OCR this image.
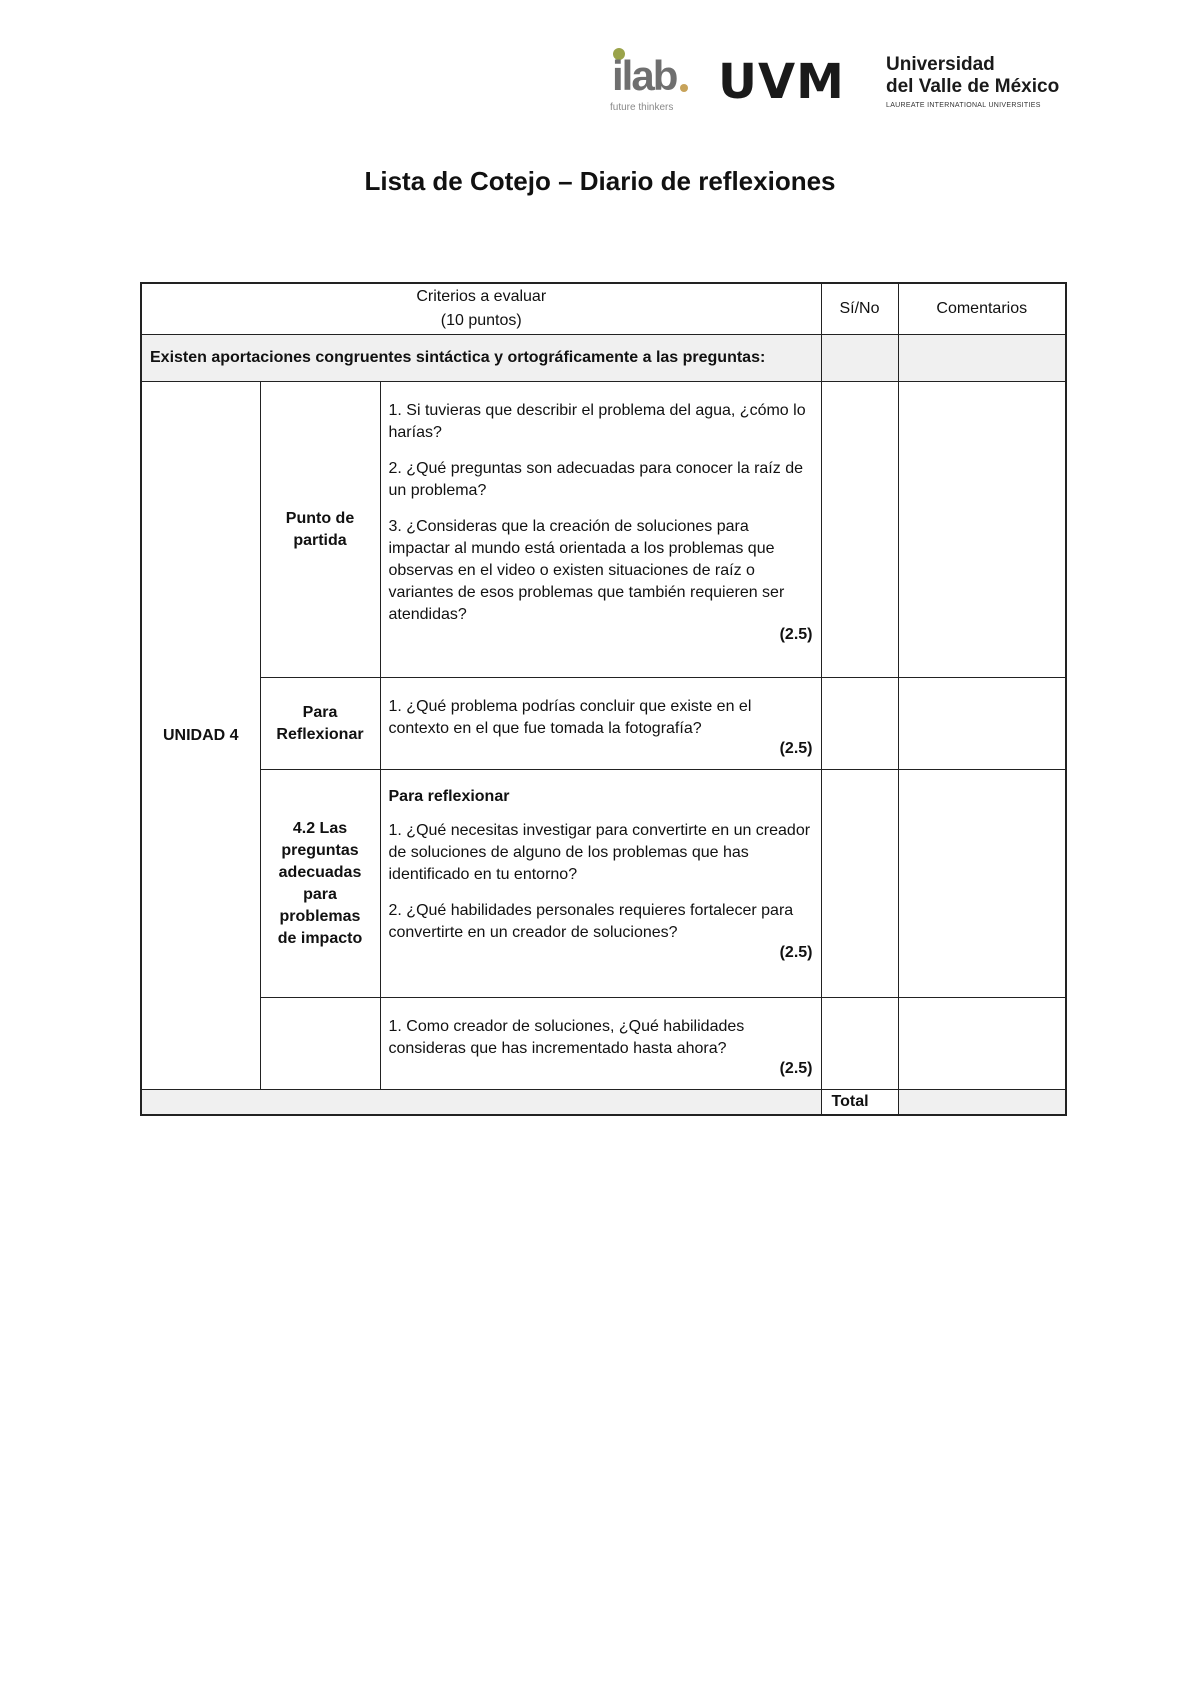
ilab
future thinkers UVM Universidad
del Valle de México
LAUREATE INTERNATIONAL UNIVERSITIES
Lista de Cotejo – Diario de reflexiones
Criterios a evaluar
(10 puntos)			Sí/No	Comentarios
Existen aportaciones congruentes sintáctica y ortográficamente a las preguntas:				
UNIDAD 4	Punto de partida	1. Si tuvieras que describir el problema del agua, ¿cómo lo harías?

2. ¿Qué preguntas son adecuadas para conocer la raíz de un problema?

3. ¿Consideras que la creación de soluciones para impactar al mundo está orientada a los problemas que observas en el video o existen situaciones de raíz o variantes de esos problemas que también requieren ser atendidas?

(2.5)		

	Para Reflexionar	1. ¿Qué problema podrías concluir que existe en el contexto en el que fue tomada la fotografía?

(2.5)		

	4.2 Las preguntas adecuadas para problemas de impacto	Para reflexionar

1. ¿Qué necesitas investigar para convertirte en un creador de soluciones de alguno de los problemas que has identificado en tu entorno?

2. ¿Qué habilidades personales requieres fortalecer para convertirte en un creador de soluciones?

(2.5)		

		1. Como creador de soluciones, ¿Qué habilidades consideras que has incrementado hasta ahora?

(2.5)		

			Total	
